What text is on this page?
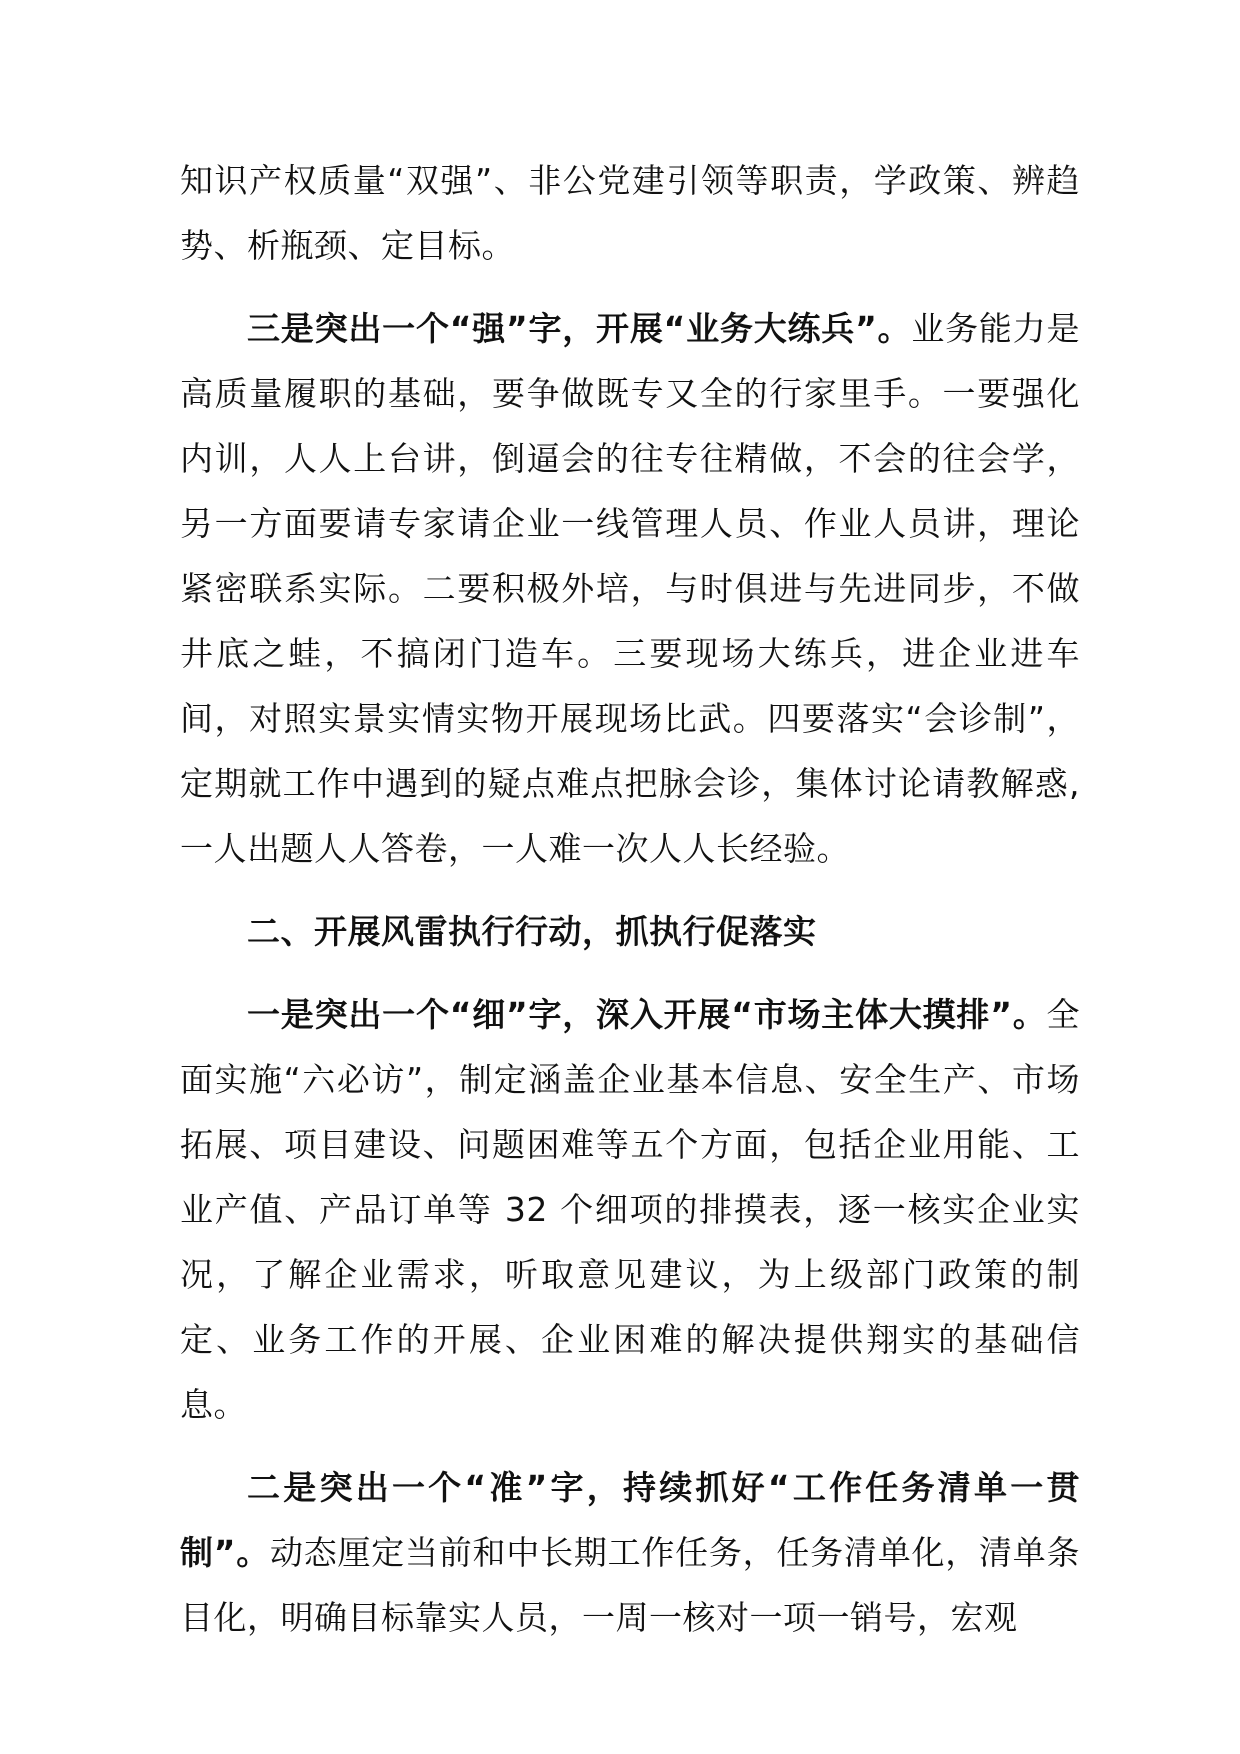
知识产权质量“双强”、非公党建引领等职责，学政策、辨趋势、析瓶颈、定目标。

三是突出一个“强”字，开展“业务大练兵”。业务能力是高质量履职的基础，要争做既专又全的行家里手。一要强化内训，人人上台讲，倒逼会的往专往精做，不会的往会学，另一方面要请专家请企业一线管理人员、作业人员讲，理论紧密联系实际。二要积极外培，与时俱进与先进同步，不做井底之蛙，不搞闭门造车。三要现场大练兵，进企业进车间，对照实景实情实物开展现场比武。四要落实“会诊制”，定期就工作中遇到的疑点难点把脉会诊，集体讨论请教解惑,一人出题人人答卷，一人难一次人人长经验。

二、开展风雷执行行动，抓执行促落实

一是突出一个“细”字，深入开展“市场主体大摸排”。全面实施“六必访”，制定涵盖企业基本信息、安全生产、市场拓展、项目建设、问题困难等五个方面，包括企业用能、工业产值、产品订单等 32 个细项的排摸表，逐一核实企业实况，了解企业需求，听取意见建议，为上级部门政策的制定、业务工作的开展、企业困难的解决提供翔实的基础信息。

二是突出一个“准”字，持续抓好“工作任务清单一贯制”。动态厘定当前和中长期工作任务，任务清单化，清单条目化，明确目标靠实人员，一周一核对一项一销号，宏观
